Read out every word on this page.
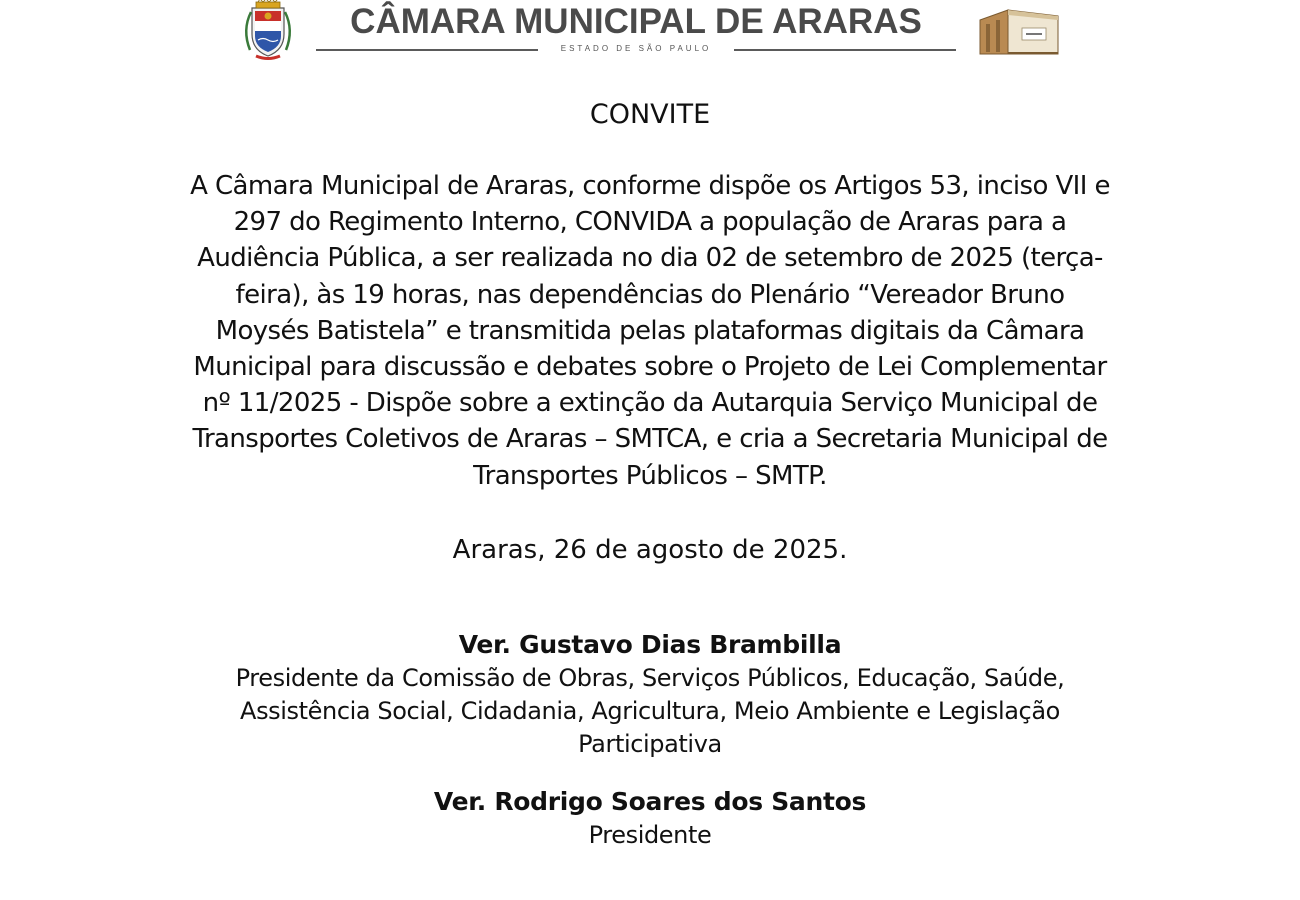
CÂMARA MUNICIPAL DE ARARAS
ESTADO DE SÃO PAULO

CONVITE

A Câmara Municipal de Araras, conforme dispõe os Artigos 53, inciso VII e 297 do Regimento Interno, CONVIDA a população de Araras para a Audiência Pública, a ser realizada no dia 02 de setembro de 2025 (terça-feira), às 19 horas, nas dependências do Plenário “Vereador Bruno Moysés Batistela” e transmitida pelas plataformas digitais da Câmara Municipal para discussão e debates sobre o Projeto de Lei Complementar nº 11/2025 - Dispõe sobre a extinção da Autarquia Serviço Municipal de Transportes Coletivos de Araras – SMTCA, e cria a Secretaria Municipal de Transportes Públicos – SMTP.

Araras, 26 de agosto de 2025.
Ver. Gustavo Dias Brambilla
Presidente da Comissão de Obras, Serviços Públicos, Educação, Saúde, Assistência Social, Cidadania, Agricultura, Meio Ambiente e Legislação Participativa
Ver. Rodrigo Soares dos Santos
Presidente
